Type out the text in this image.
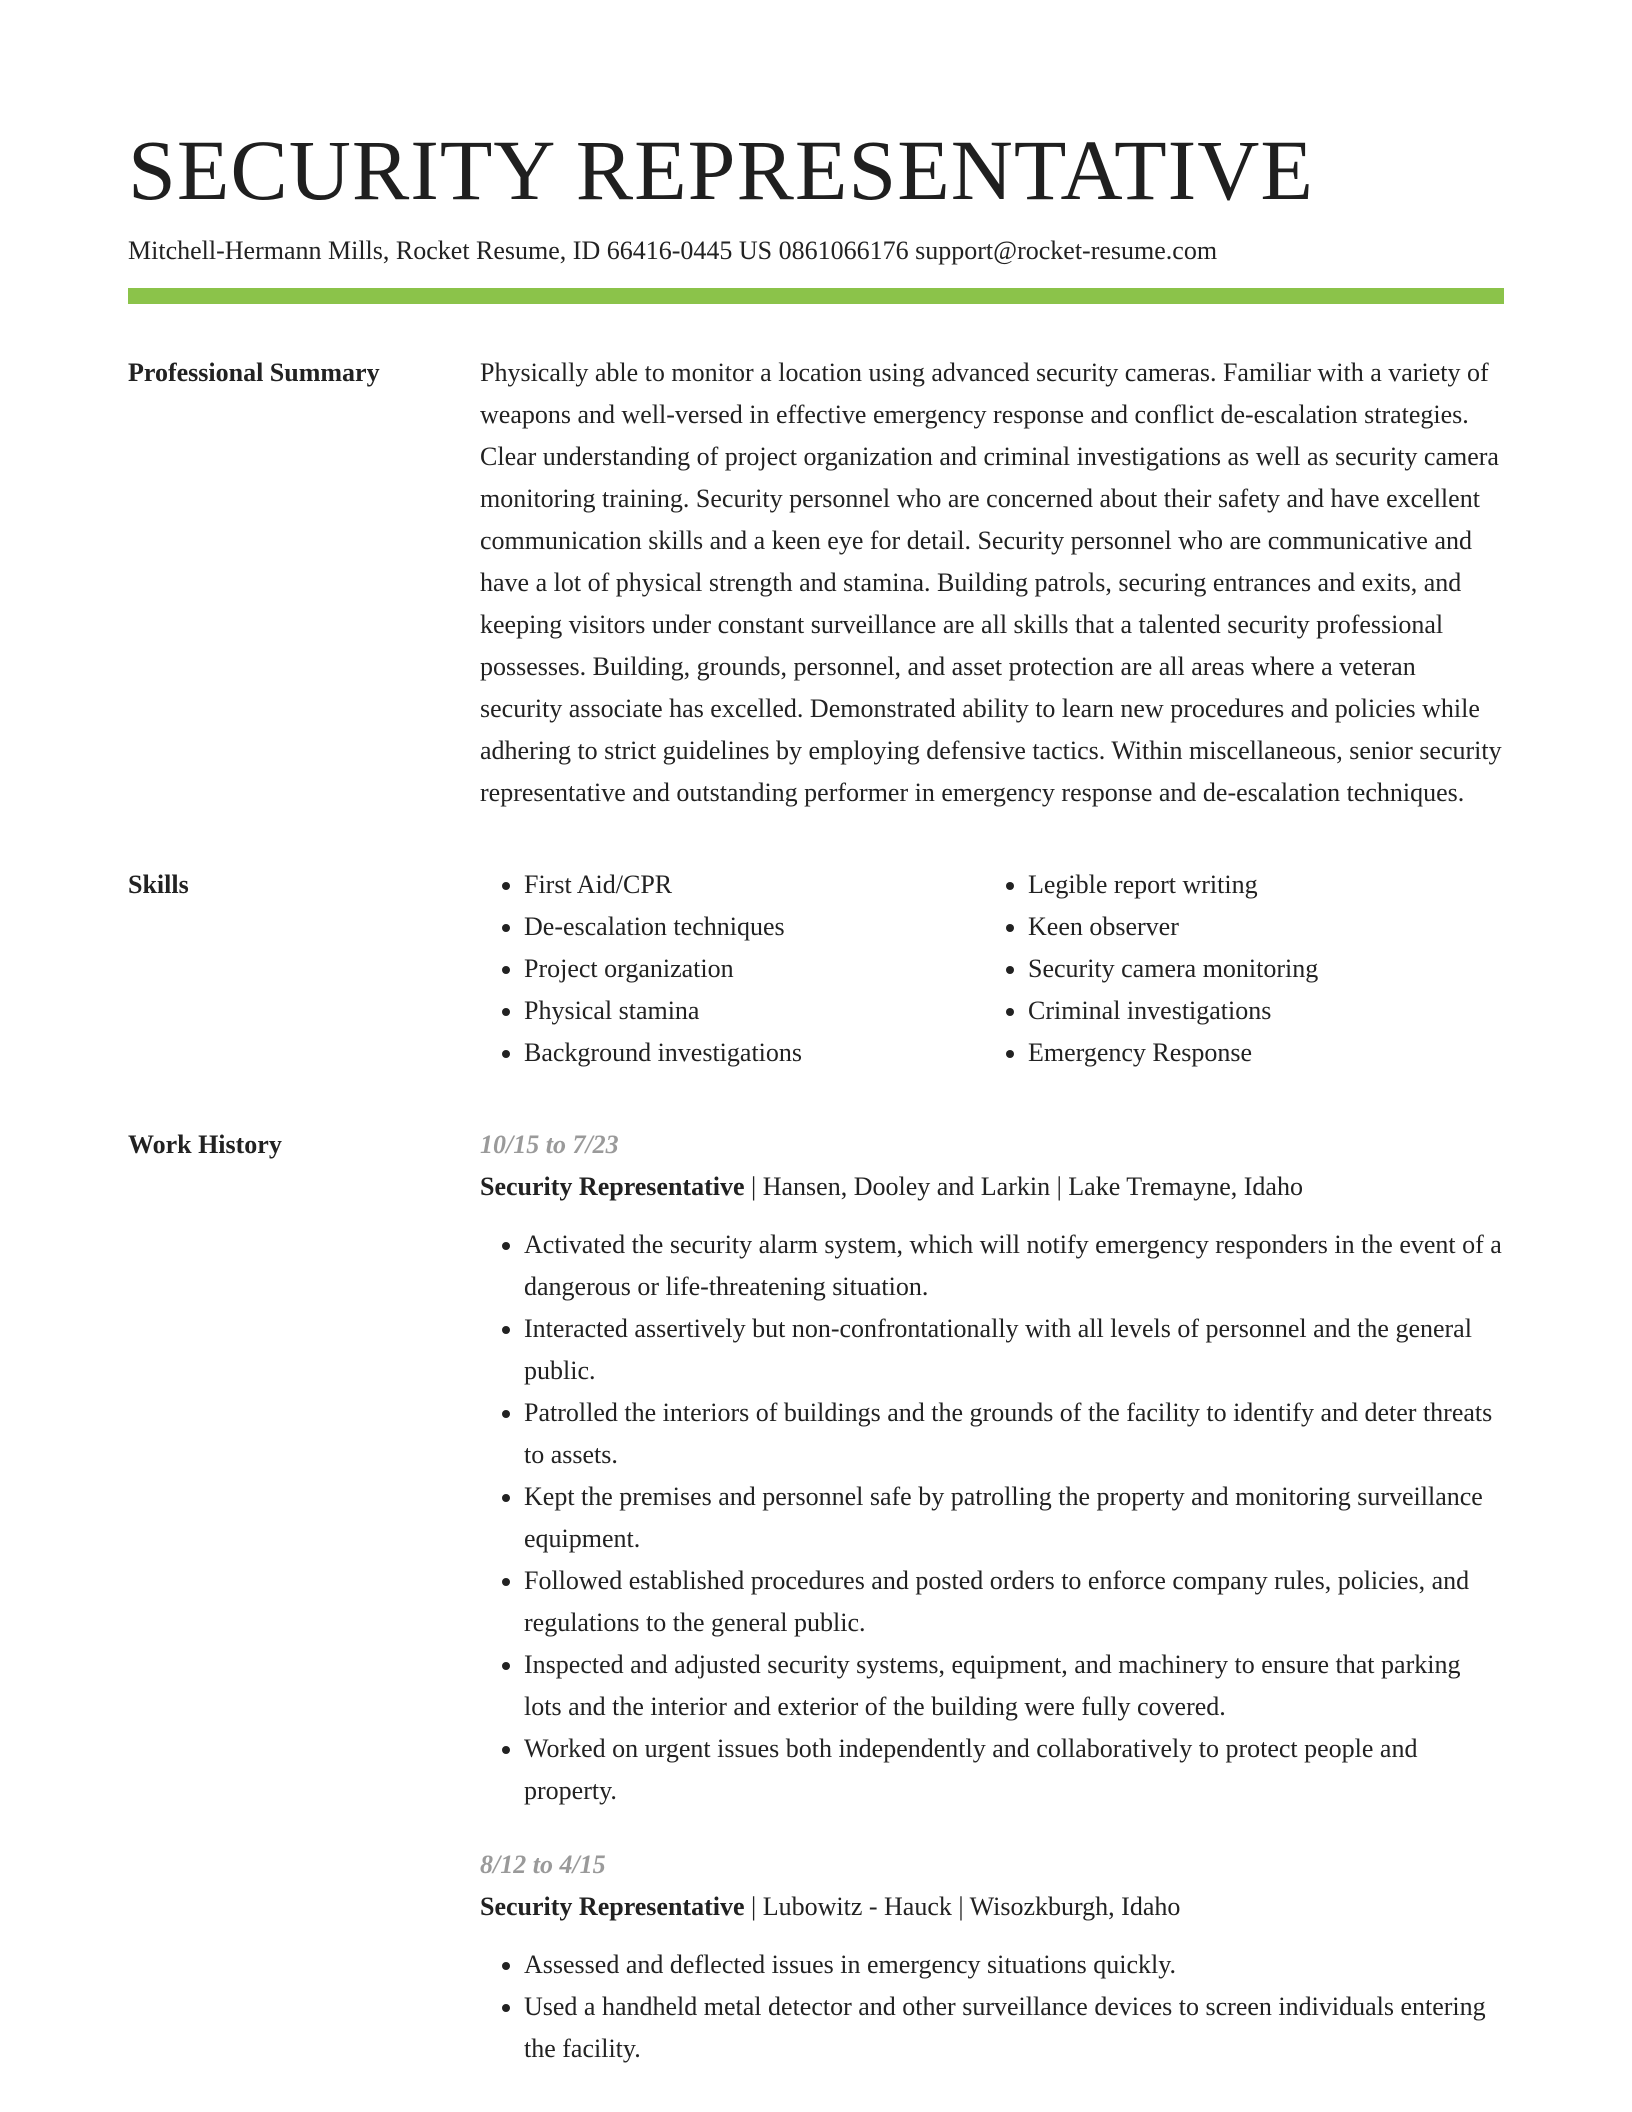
SECURITY REPRESENTATIVE
Mitchell-Hermann Mills, Rocket Resume, ID 66416-0445 US 0861066176 support@rocket-resume.com
Professional Summary	Physically able to monitor a location using advanced security cameras. Familiar with a variety of weapons and well-versed in effective emergency response and conflict de-escalation strategies. Clear understanding of project organization and criminal investigations as well as security camera monitoring training. Security personnel who are concerned about their safety and have excellent communication skills and a keen eye for detail. Security personnel who are communicative and have a lot of physical strength and stamina. Building patrols, securing entrances and exits, and keeping visitors under constant surveillance are all skills that a talented security professional possesses. Building, grounds, personnel, and asset protection are all areas where a veteran security associate has excelled. Demonstrated ability to learn new procedures and policies while adhering to strict guidelines by employing defensive tactics. Within miscellaneous, senior security representative and outstanding performer in emergency response and de-escalation techniques.
Skills
•	First Aid/CPR
• De-escalation techniques
• Project organization
• Physical stamina
• Background investigations
• Legible report writing
• Keen observer
• Security camera monitoring
• Criminal investigations
• Emergency Response
Work History	10/15 to 7/23
Security Representative | Hansen, Dooley and Larkin | Lake Tremayne, Idaho
• Activated the security alarm system, which will notify emergency responders in the event of a dangerous or life-threatening situation.
• Interacted assertively but non-confrontationally with all levels of personnel and the general public.
• Patrolled the interiors of buildings and the grounds of the facility to identify and deter threats to assets.
• Kept the premises and personnel safe by patrolling the property and monitoring surveillance equipment.
• Followed established procedures and posted orders to enforce company rules, policies, and regulations to the general public.
• Inspected and adjusted security systems, equipment, and machinery to ensure that parking lots and the interior and exterior of the building were fully covered.
• Worked on urgent issues both independently and collaboratively to protect people and property.
8/12 to 4/15
Security Representative | Lubowitz - Hauck | Wisozkburgh, Idaho
• Assessed and deflected issues in emergency situations quickly.
• Used a handheld metal detector and other surveillance devices to screen individuals entering the facility.
